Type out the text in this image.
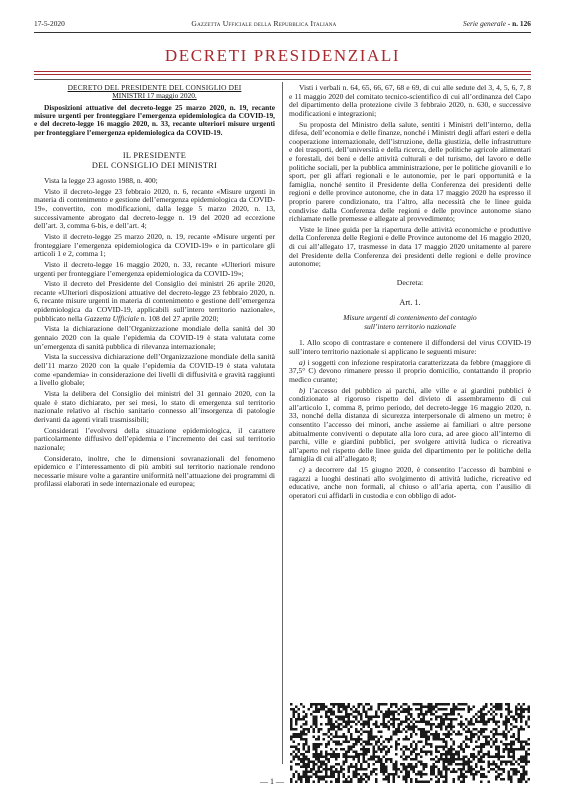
17-5-2020	Gazzetta Ufficiale della Repubblica Italiana	Serie generale - n. 126
DECRETI PRESIDENZIALI
DECRETO DEL PRESIDENTE DEL CONSIGLIO DEI
MINISTRI 17 maggio 2020.

Disposizioni attuative del decreto-legge 25 marzo 2020, n. 19, recante misure urgenti per fronteggiare l’emergenza epidemiologica da COVID-19, e del decreto-legge 16 maggio 2020, n. 33, recante ulteriori misure urgenti per fronteggiare l’emergenza epidemiologica da COVID-19.

IL PRESIDENTE
DEL CONSIGLIO DEI MINISTRI

Vista la legge 23 agosto 1988, n. 400;

Visto il decreto-legge 23 febbraio 2020, n. 6, recante «Misure urgenti in materia di contenimento e gestione dell’emergenza epidemiologica da COVID-19», convertito, con modificazioni, dalla legge 5 marzo 2020, n. 13, successivamente abrogato dal decreto-legge n. 19 del 2020 ad eccezione dell’art. 3, comma 6-bis, e dell’art. 4;

Visto il decreto-legge 25 marzo 2020, n. 19, recante «Misure urgenti per fronteggiare l’emergenza epidemiologica da COVID-19» e in particolare gli articoli 1 e 2, comma 1;

Visto il decreto-legge 16 maggio 2020, n. 33, recante «Ulteriori misure urgenti per fronteggiare l’emergenza epidemiologica da COVID-19»;

Visto il decreto del Presidente del Consiglio dei ministri 26 aprile 2020, recante «Ulteriori disposizioni attuative del decreto-legge 23 febbraio 2020, n. 6, recante misure urgenti in materia di contenimento e gestione dell’emergenza epidemiologica da COVID-19, applicabili sull’intero territorio nazionale», pubblicato nella Gazzetta Ufficiale n. 108 del 27 aprile 2020;

Vista la dichiarazione dell’Organizzazione mondiale della sanità del 30 gennaio 2020 con la quale l’epidemia da COVID-19 è stata valutata come un’emergenza di sanità pubblica di rilevanza internazionale;

Vista la successiva dichiarazione dell’Organizzazione mondiale della sanità dell’11 marzo 2020 con la quale l’epidemia da COVID-19 è stata valutata come «pandemia» in considerazione dei livelli di diffusività e gravità raggiunti a livello globale;

Vista la delibera del Consiglio dei ministri del 31 gennaio 2020, con la quale è stato dichiarato, per sei mesi, lo stato di emergenza sul territorio nazionale relativo al rischio sanitario connesso all’insorgenza di patologie derivanti da agenti virali trasmissibili;

Considerati l’evolversi della situazione epidemiologica, il carattere particolarmente diffusivo dell’epidemia e l’incremento dei casi sul territorio nazionale;

Considerato, inoltre, che le dimensioni sovranazionali del fenomeno epidemico e l’interessamento di più ambiti sul territorio nazionale rendono necessarie misure volte a garantire uniformità nell’attuazione dei programmi di profilassi elaborati in sede internazionale ed europea;

Visti i verbali n. 64, 65, 66, 67, 68 e 69, di cui alle sedute del 3, 4, 5, 6, 7, 8 e 11 maggio 2020 del comitato tecnico-scientifico di cui all’ordinanza del Capo del dipartimento della protezione civile 3 febbraio 2020, n. 630, e successive modificazioni e integrazioni;

Su proposta del Ministro della salute, sentiti i Ministri dell’interno, della difesa, dell’economia e delle finanze, nonché i Ministri degli affari esteri e della cooperazione internazionale, dell’istruzione, della giustizia, delle infrastrutture e dei trasporti, dell’università e della ricerca, delle politiche agricole alimentari e forestali, dei beni e delle attività culturali e del turismo, del lavoro e delle politiche sociali, per la pubblica amministrazione, per le politiche giovanili e lo sport, per gli affari regionali e le autonomie, per le pari opportunità e la famiglia, nonché sentito il Presidente della Conferenza dei presidenti delle regioni e delle province autonome, che in data 17 maggio 2020 ha espresso il proprio parere condizionato, tra l’altro, alla necessità che le linee guida condivise dalla Conferenza delle regioni e delle province autonome siano richiamate nelle premesse e allegate al provvedimento;

Viste le linee guida per la riapertura delle attività economiche e produttive della Conferenza delle Regioni e delle Province autonome del 16 maggio 2020, di cui all’allegato 17, trasmesse in data 17 maggio 2020 unitamente al parere del Presidente della Conferenza dei presidenti delle regioni e delle province autonome;

Decreta:
Art. 1.
Misure urgenti di contenimento del contagio
sull’intero territorio nazionale

1. Allo scopo di contrastare e contenere il diffondersi del virus COVID-19 sull’intero territorio nazionale si applicano le seguenti misure:

a) i soggetti con infezione respiratoria caratterizzata da febbre (maggiore di 37,5° C) devono rimanere presso il proprio domicilio, contattando il proprio medico curante;

b) l’accesso del pubblico ai parchi, alle ville e ai giardini pubblici è condizionato al rigoroso rispetto del divieto di assembramento di cui all’articolo 1, comma 8, primo periodo, del decreto-legge 16 maggio 2020, n. 33, nonché della distanza di sicurezza interpersonale di almeno un metro; è consentito l’accesso dei minori, anche assieme ai familiari o altre persone abitualmente conviventi o deputate alla loro cura, ad aree gioco all’interno di parchi, ville e giardini pubblici, per svolgere attività ludica o ricreativa all’aperto nel rispetto delle linee guida del dipartimento per le politiche della famiglia di cui all’allegato 8;

c) a decorrere dal 15 giugno 2020, è consentito l’accesso di bambini e ragazzi a luoghi destinati allo svolgimento di attività ludiche, ricreative ed educative, anche non formali, al chiuso o all’aria aperta, con l’ausilio di operatori cui affidarli in custodia e con obbligo di adot-

— 1 —
